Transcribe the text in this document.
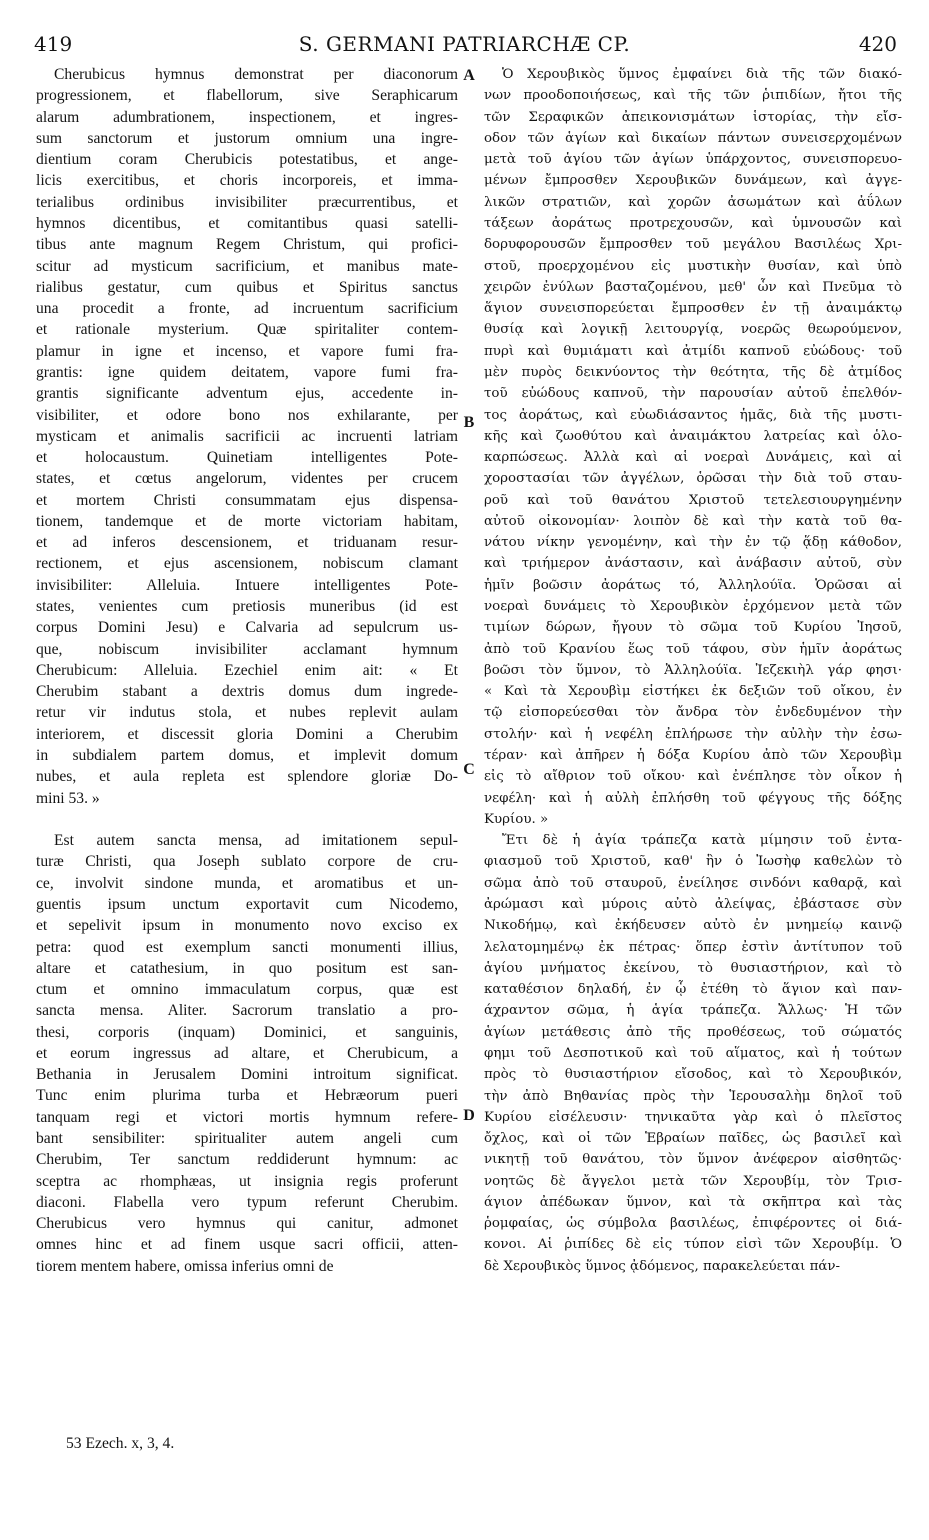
419	S. GERMANI PATRIARCHÆ CP.	420
Cherubicus hymnus demonstrat per diaconorum
progressionem, et flabellorum, sive Seraphicarum
alarum adumbrationem, inspectionem, et ingres-
sum sanctorum et justorum omnium una ingre-
dientium coram Cherubicis potestatibus, et ange-
licis exercitibus, et choris incorporeis, et imma-
terialibus ordinibus invisibiliter præcurrentibus, et
hymnos dicentibus, et comitantibus quasi satelli-
tibus ante magnum Regem Christum, qui profici-
scitur ad mysticum sacrificium, et manibus mate-
rialibus gestatur, cum quibus et Spiritus sanctus
una procedit a fronte, ad incruentum sacrificium
et rationale mysterium. Quæ spiritaliter contem-
plamur in igne et incenso, et vapore fumi fra-
grantis: igne quidem deitatem, vapore fumi fra-
grantis significante adventum ejus, accedente in-
visibiliter, et odore bono nos exhilarante, per
mysticam et animalis sacrificii ac incruenti latriam
et holocaustum. Quinetiam intelligentes Pote-
states, et cœtus angelorum, videntes per crucem
et mortem Christi consummatam ejus dispensa-
tionem, tandemque et de morte victoriam habitam,
et ad inferos descensionem, et triduanam resur-
rectionem, et ejus ascensionem, nobiscum clamant
invisibiliter: Alleluia. Intuere intelligentes Pote-
states, venientes cum pretiosis muneribus (id est
corpus Domini Jesu) e Calvaria ad sepulcrum us-
que, nobiscum invisibiliter acclamant hymnum
Cherubicum: Alleluia. Ezechiel enim ait: « Et
Cherubim stabant a dextris domus dum ingrede-
retur vir indutus stola, et nubes replevit aulam
interiorem, et discessit gloria Domini a Cherubim
in subdialem partem domus, et implevit domum
nubes, et aula repleta est splendore gloriæ Do-
mini 53. »
Est autem sancta mensa, ad imitationem sepul-
turæ Christi, qua Joseph sublato corpore de cru-
ce, involvit sindone munda, et aromatibus et un-
guentis ipsum unctum exportavit cum Nicodemo,
et sepelivit ipsum in monumento novo exciso ex
petra: quod est exemplum sancti monumenti illius,
altare et catathesium, in quo positum est san-
ctum et omnino immaculatum corpus, quæ est
sancta mensa. Aliter. Sacrorum translatio a pro-
thesi, corporis (inquam) Dominici, et sanguinis,
et eorum ingressus ad altare, et Cherubicum, a
Bethania in Jerusalem Domini introitum significat.
Tunc enim plurima turba et Hebræorum pueri
tanquam regi et victori mortis hymnum refere-
bant sensibiliter: spiritualiter autem angeli cum
Cherubim, Ter sanctum reddiderunt hymnum: ac
sceptra ac rhomphæas, ut insignia regis proferunt
diaconi. Flabella vero typum referunt Cherubim.
Cherubicus vero hymnus qui canitur, admonet
omnes hinc et ad finem usque sacri officii, atten-
tiorem mentem habere, omissa inferius omni de
Ὁ Χερουβικὸς ὕμνος ἐμφαίνει διὰ τῆς τῶν διακό-
νων προοδοποιήσεως, καὶ τῆς τῶν ῥιπιδίων, ἤτοι τῆς
τῶν Σεραφικῶν ἀπεικονισμάτων ἱστορίας, τὴν εἴσ-
οδον τῶν ἁγίων καὶ δικαίων πάντων συνεισερχομένων
μετὰ τοῦ ἁγίου τῶν ἁγίων ὑπάρχοντος, συνεισπορευο-
μένων ἔμπροσθεν Χερουβικῶν δυνάμεων, καὶ ἀγγε-
λικῶν στρατιῶν, καὶ χορῶν ἀσωμάτων καὶ ἀΰλων
τάξεων ἀοράτως προτρεχουσῶν, καὶ ὑμνουσῶν καὶ
δορυφορουσῶν ἔμπροσθεν τοῦ μεγάλου Βασιλέως Χρι-
στοῦ, προερχομένου εἰς μυστικὴν θυσίαν, καὶ ὑπὸ
χειρῶν ἐνύλων βασταζομένου, μεθ' ὧν καὶ Πνεῦμα τὸ
ἅγιον συνεισπορεύεται ἔμπροσθεν ἐν τῇ ἀναιμάκτῳ
θυσίᾳ καὶ λογικῇ λειτουργίᾳ, νοερῶς θεωρούμενον,
πυρὶ καὶ θυμιάματι καὶ ἀτμίδι καπνοῦ εὐώδους· τοῦ
μὲν πυρὸς δεικνύοντος τὴν θεότητα, τῆς δὲ ἀτμίδος
τοῦ εὐώδους καπνοῦ, τὴν παρουσίαν αὐτοῦ ἐπελθόν-
τος ἀοράτως, καὶ εὐωδιάσαντος ἡμᾶς, διὰ τῆς μυστι-
κῆς καὶ ζωοθύτου καὶ ἀναιμάκτου λατρείας καὶ ὁλο-
καρπώσεως. Ἀλλὰ καὶ αἱ νοεραὶ Δυνάμεις, καὶ αἱ
χοροστασίαι τῶν ἀγγέλων, ὁρῶσαι τὴν διὰ τοῦ σταυ-
ροῦ καὶ τοῦ θανάτου Χριστοῦ τετελεσιουργημένην
αὐτοῦ οἰκονομίαν· λοιπὸν δὲ καὶ τὴν κατὰ τοῦ θα-
νάτου νίκην γενομένην, καὶ τὴν ἐν τῷ ᾅδῃ κάθοδον,
καὶ τριήμερον ἀνάστασιν, καὶ ἀνάβασιν αὐτοῦ, σὺν
ἡμῖν βοῶσιν ἀοράτως τό, Ἀλληλούϊα. Ὁρῶσαι αἱ
νοεραὶ δυνάμεις τὸ Χερουβικὸν ἐρχόμενον μετὰ τῶν
τιμίων δώρων, ἤγουν τὸ σῶμα τοῦ Κυρίου Ἰησοῦ,
ἀπὸ τοῦ Κρανίου ἕως τοῦ τάφου, σὺν ἡμῖν ἀοράτως
βοῶσι τὸν ὕμνον, τὸ Ἀλληλούϊα. Ἰεζεκιὴλ γάρ φησι·
« Καὶ τὰ Χερουβὶμ εἱστήκει ἐκ δεξιῶν τοῦ οἴκου, ἐν
τῷ εἰσπορεύεσθαι τὸν ἄνδρα τὸν ἐνδεδυμένον τὴν
στολήν· καὶ ἡ νεφέλη ἐπλήρωσε τὴν αὐλὴν τὴν ἐσω-
τέραν· καὶ ἀπῆρεν ἡ δόξα Κυρίου ἀπὸ τῶν Χερουβὶμ
εἰς τὸ αἴθριον τοῦ οἴκου· καὶ ἐνέπλησε τὸν οἶκον ἡ
νεφέλη· καὶ ἡ αὐλὴ ἐπλήσθη τοῦ φέγγους τῆς δόξης
Κυρίου. »
Ἔτι δὲ ἡ ἁγία τράπεζα κατὰ μίμησιν τοῦ ἐντα-
φιασμοῦ τοῦ Χριστοῦ, καθ' ἣν ὁ Ἰωσὴφ καθελὼν τὸ
σῶμα ἀπὸ τοῦ σταυροῦ, ἐνείλησε σινδόνι καθαρᾷ, καὶ
ἀρώμασι καὶ μύροις αὐτὸ ἀλείψας, ἐβάστασε σὺν
Νικοδήμῳ, καὶ ἐκήδευσεν αὐτὸ ἐν μνημείῳ καινῷ
λελατομημένῳ ἐκ πέτρας· ὅπερ ἐστὶν ἀντίτυπον τοῦ
ἁγίου μνήματος ἐκείνου, τὸ θυσιαστήριον, καὶ τὸ
καταθέσιον δηλαδή, ἐν ᾧ ἐτέθη τὸ ἅγιον καὶ παν-
άχραντον σῶμα, ἡ ἁγία τράπεζα. Ἄλλως· Ἡ τῶν
ἁγίων μετάθεσις ἀπὸ τῆς προθέσεως, τοῦ σώματός
φημι τοῦ Δεσποτικοῦ καὶ τοῦ αἵματος, καὶ ἡ τούτων
πρὸς τὸ θυσιαστήριον εἴσοδος, καὶ τὸ Χερουβικόν,
τὴν ἀπὸ Βηθανίας πρὸς τὴν Ἱερουσαλὴμ δηλοῖ τοῦ
Κυρίου εἰσέλευσιν· τηνικαῦτα γὰρ καὶ ὁ πλεῖστος
ὄχλος, καὶ οἱ τῶν Ἑβραίων παῖδες, ὡς βασιλεῖ καὶ
νικητῇ τοῦ θανάτου, τὸν ὕμνον ἀνέφερον αἰσθητῶς·
νοητῶς δὲ ἄγγελοι μετὰ τῶν Χερουβίμ, τὸν Τρισ-
άγιον ἀπέδωκαν ὕμνον, καὶ τὰ σκῆπτρα καὶ τὰς
ῥομφαίας, ὡς σύμβολα βασιλέως, ἐπιφέροντες οἱ διά-
κονοι. Αἱ ῥιπίδες δὲ εἰς τύπον εἰσὶ τῶν Χερουβίμ. Ὁ
δὲ Χερουβικὸς ὕμνος ᾀδόμενος, παρακελεύεται πάν-
A
B
C
D
53 Ezech. x, 3, 4.
